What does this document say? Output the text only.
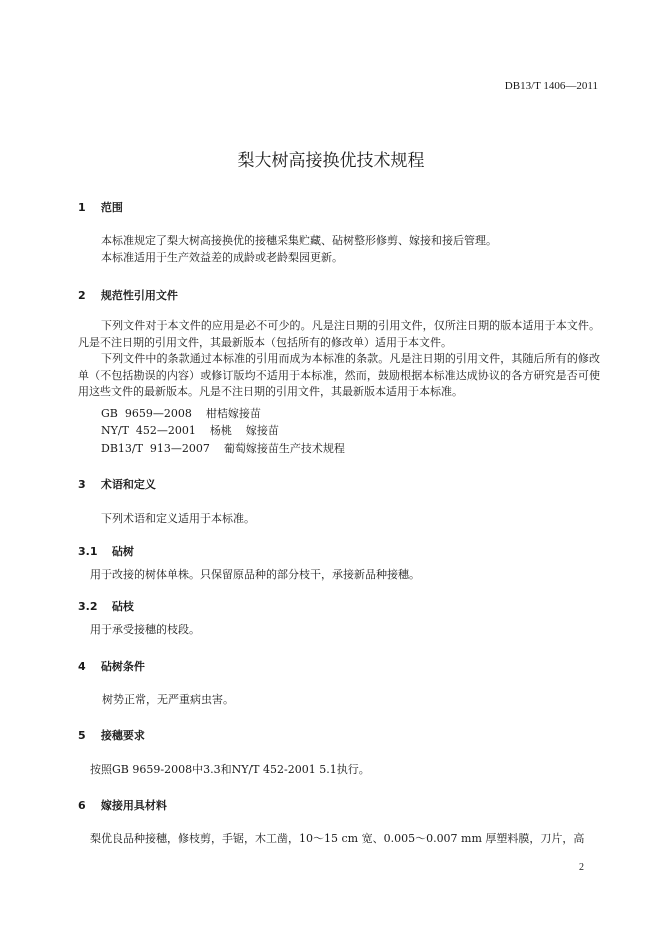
DB13/T 1406—2011
梨大树高接换优技术规程
1 范围
本标准规定了梨大树高接换优的接穗采集贮藏、砧树整形修剪、嫁接和接后管理。
本标准适用于生产效益差的成龄或老龄梨园更新。
2 规范性引用文件
下列文件对于本文件的应用是必不可少的。凡是注日期的引用文件，仅所注日期的版本适用于本文件。凡是不注日期的引用文件，其最新版本（包括所有的修改单）适用于本文件。
下列文件中的条款通过本标准的引用而成为本标准的条款。凡是注日期的引用文件，其随后所有的修改单（不包括勘误的内容）或修订版均不适用于本标准，然而，鼓励根据本标准达成协议的各方研究是否可使用这些文件的最新版本。凡是不注日期的引用文件，其最新版本适用于本标准。
GB  9659—2008    柑桔嫁接苗
NY/T  452—2001    杨桃    嫁接苗
DB13/T  913—2007    葡萄嫁接苗生产技术规程
3 术语和定义
下列术语和定义适用于本标准。
3.1 砧树
用于改接的树体单株。只保留原品种的部分枝干，承接新品种接穗。
3.2 砧枝
用于承受接穗的枝段。
4 砧树条件
树势正常，无严重病虫害。
5 接穗要求
按照GB 9659-2008中3.3和NY/T 452-2001 5.1执行。
6 嫁接用具材料
梨优良品种接穗，修枝剪，手锯，木工凿，10～15 cm 宽、0.005～0.007 mm 厚塑料膜，刀片，高
2
